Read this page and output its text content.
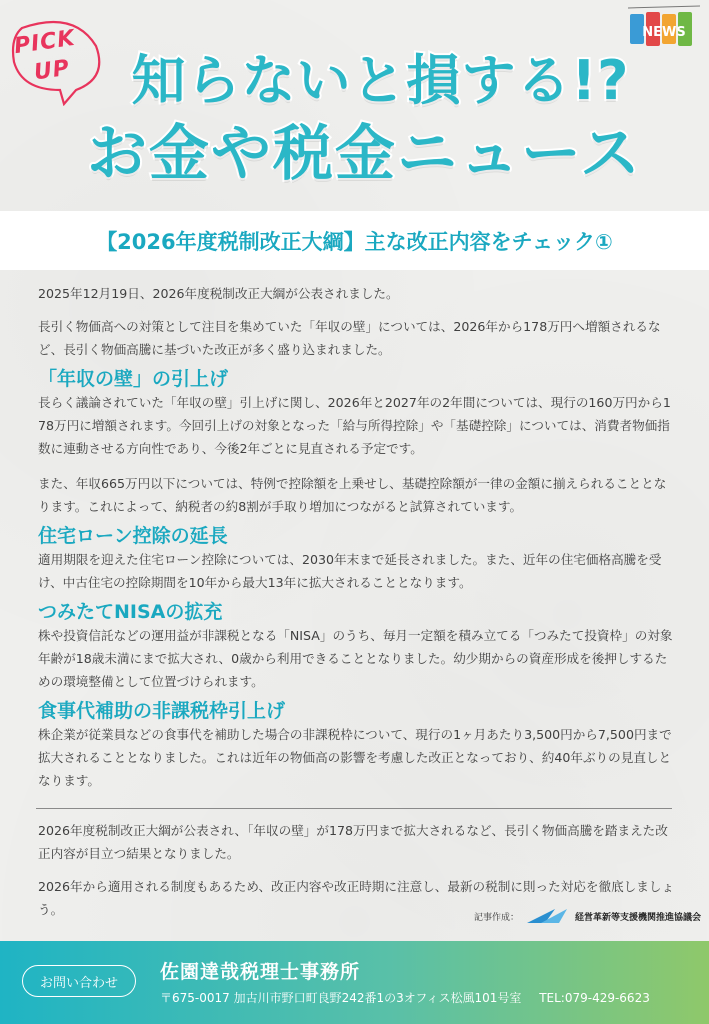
PICK
UP
NEWS
知らないと損する!?
お金や税金ニュース
【2026年度税制改正大綱】主な改正内容をチェック①

2025年12月19日、2026年度税制改正大綱が公表されました。

長引く物価高への対策として注目を集めていた「年収の壁」については、2026年から178万円へ増額されるなど、長引く物価高騰に基づいた改正が多く盛り込まれました。

「年収の壁」の引上げ

長らく議論されていた「年収の壁」引上げに関し、2026年と2027年の2年間については、現行の160万円から178万円に増額されます。今回引上げの対象となった「給与所得控除」や「基礎控除」については、消費者物価指数に連動させる方向性であり、今後2年ごとに見直される予定です。

また、年収665万円以下については、特例で控除額を上乗せし、基礎控除額が一律の金額に揃えられることとなります。これによって、納税者の約8割が手取り増加につながると試算されています。

住宅ローン控除の延長

適用期限を迎えた住宅ローン控除については、2030年末まで延長されました。また、近年の住宅価格高騰を受け、中古住宅の控除期間を10年から最大13年に拡大されることとなります。

つみたてNISAの拡充

株や投資信託などの運用益が非課税となる「NISA」のうち、毎月一定額を積み立てる「つみたて投資枠」の対象年齢が18歳未満にまで拡大され、0歳から利用できることとなりました。幼少期からの資産形成を後押しするための環境整備として位置づけられます。

食事代補助の非課税枠引上げ

株企業が従業員などの食事代を補助した場合の非課税枠について、現行の1ヶ月あたり3,500円から7,500円まで拡大されることとなりました。これは近年の物価高の影響を考慮した改正となっており、約40年ぶりの見直しとなります。

2026年度税制改正大綱が公表され、「年収の壁」が178万円まで拡大されるなど、長引く物価高騰を踏まえた改正内容が目立つ結果となりました。

2026年から適用される制度もあるため、改正内容や改正時期に注意し、最新の税制に則った対応を徹底しましょう。

記事作成：	経営革新等支援機関推進協議会
お問い合わせ	佐園達哉税理士事務所
〒675-0017 加古川市野口町良野242番1の3オフィス松風101号室 TEL:079-429-6623
